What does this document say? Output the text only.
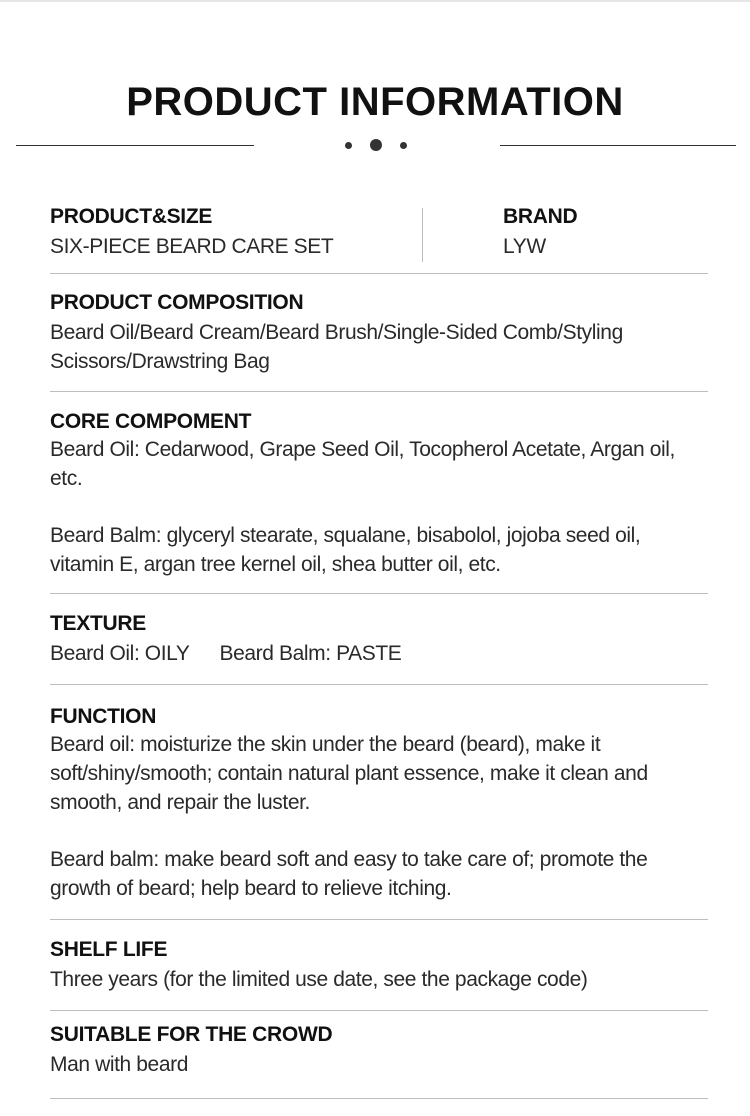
PRODUCT INFORMATION
PRODUCT&SIZE
SIX-PIECE BEARD CARE SET
BRAND
LYW
PRODUCT COMPOSITION
Beard Oil/Beard Cream/Beard Brush/Single-Sided Comb/Styling Scissors/Drawstring Bag
CORE COMPOMENT
Beard Oil: Cedarwood, Grape Seed Oil, Tocopherol Acetate, Argan oil, etc.
Beard Balm: glyceryl stearate, squalane, bisabolol, jojoba seed oil, vitamin E, argan tree kernel oil, shea butter oil, etc.
TEXTURE
Beard Oil: OILY Beard Balm: PASTE
FUNCTION
Beard oil: moisturize the skin under the beard (beard), make it soft/shiny/smooth; contain natural plant essence, make it clean and smooth, and repair the luster.
Beard balm: make beard soft and easy to take care of; promote the growth of beard; help beard to relieve itching.
SHELF LIFE
Three years (for the limited use date, see the package code)
SUITABLE FOR THE CROWD
Man with beard
